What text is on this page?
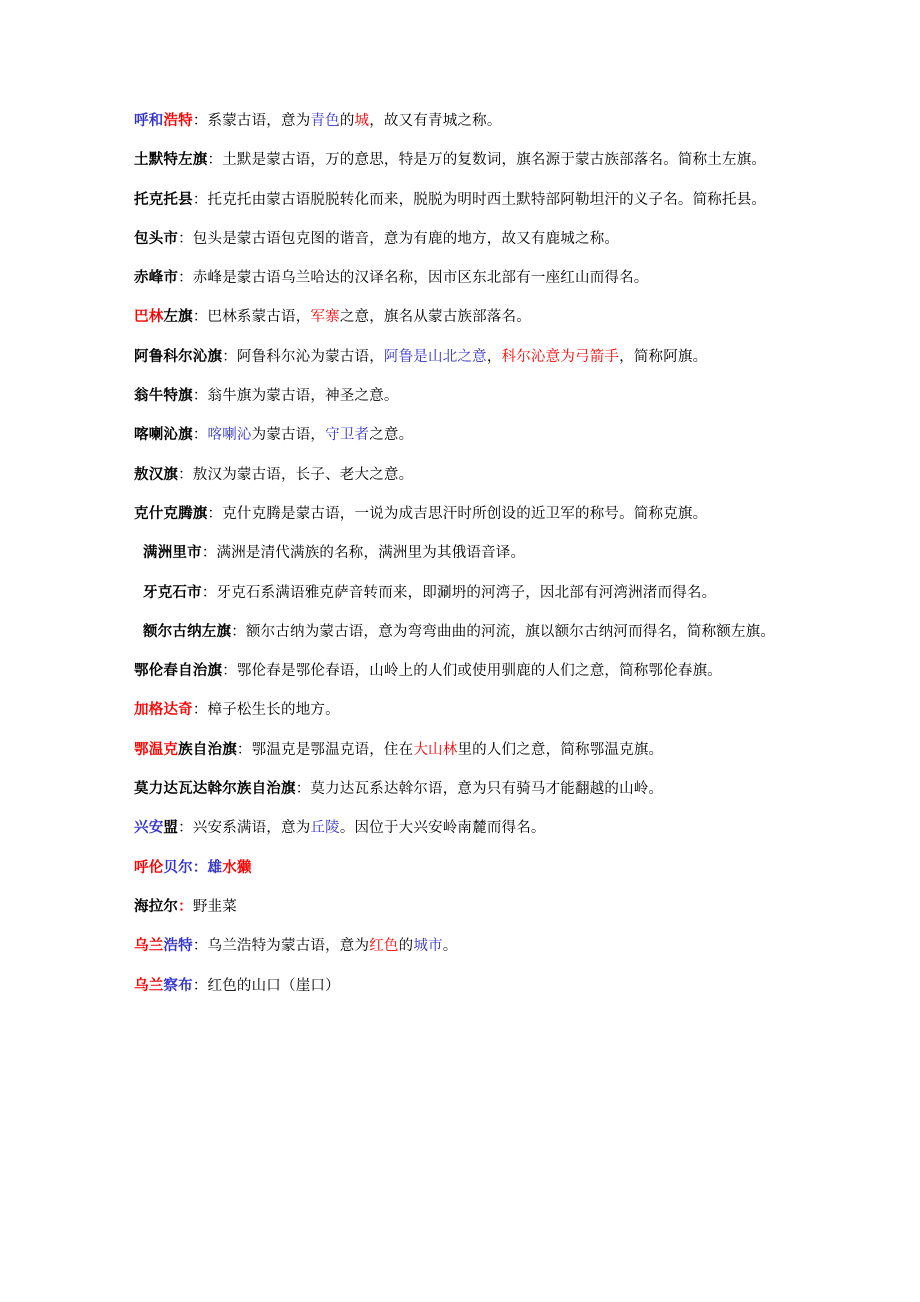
呼和浩特：系蒙古语，意为青色的城，故又有青城之称。

土默特左旗：土默是蒙古语，万的意思，特是万的复数词，旗名源于蒙古族部落名。简称土左旗。

托克托县：托克托由蒙古语脱脱转化而来，脱脱为明时西土默特部阿勒坦汗的义子名。简称托县。

包头市：包头是蒙古语包克图的谐音，意为有鹿的地方，故又有鹿城之称。

赤峰市：赤峰是蒙古语乌兰哈达的汉译名称，因市区东北部有一座红山而得名。

巴林左旗：巴林系蒙古语，军寨之意，旗名从蒙古族部落名。

阿鲁科尔沁旗：阿鲁科尔沁为蒙古语，阿鲁是山北之意，科尔沁意为弓箭手，简称阿旗。

翁牛特旗：翁牛旗为蒙古语，神圣之意。

喀喇沁旗：喀喇沁为蒙古语，守卫者之意。

敖汉旗：敖汉为蒙古语，长子、老大之意。

克什克腾旗：克什克腾是蒙古语，一说为成吉思汗时所创设的近卫军的称号。简称克旗。

满洲里市：满洲是清代满族的名称，满洲里为其俄语音译。

牙克石市：牙克石系满语雅克萨音转而来，即涮坍的河湾子，因北部有河湾洲渚而得名。

额尔古纳左旗：额尔古纳为蒙古语，意为弯弯曲曲的河流，旗以额尔古纳河而得名，简称额左旗。

鄂伦春自治旗：鄂伦春是鄂伦春语，山岭上的人们或使用驯鹿的人们之意，简称鄂伦春旗。

加格达奇：樟子松生长的地方。

鄂温克族自治旗：鄂温克是鄂温克语，住在大山林里的人们之意，简称鄂温克旗。

莫力达瓦达斡尔族自治旗：莫力达瓦系达斡尔语，意为只有骑马才能翻越的山岭。

兴安盟：兴安系满语，意为丘陵。因位于大兴安岭南麓而得名。

呼伦贝尔：雄水獭

海拉尔：野韭菜

乌兰浩特：乌兰浩特为蒙古语，意为红色的城市。

乌兰察布：红色的山口（崖口）
